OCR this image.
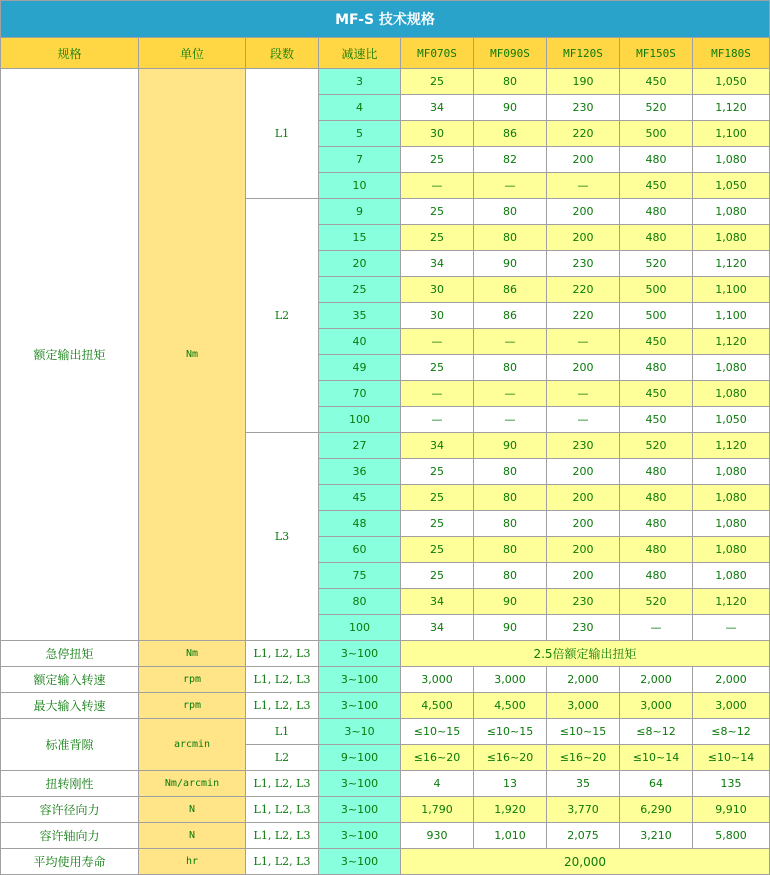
MF-S 技术规格								
规格	单位	段数	减速比	MF070S	MF090S	MF120S	MF150S	MF180S
额定输出扭矩	Nm	L1	3	25	80	190	450	1,050
			4	34	90	230	520	1,120
			5	30	86	220	500	1,100
			7	25	82	200	480	1,080
			10	—	—	—	450	1,050
		L2	9	25	80	200	480	1,080
			15	25	80	200	480	1,080
			20	34	90	230	520	1,120
			25	30	86	220	500	1,100
			35	30	86	220	500	1,100
			40	—	—	—	450	1,120
			49	25	80	200	480	1,080
			70	—	—	—	450	1,080
			100	—	—	—	450	1,050
		L3	27	34	90	230	520	1,120
			36	25	80	200	480	1,080
			45	25	80	200	480	1,080
			48	25	80	200	480	1,080
			60	25	80	200	480	1,080
			75	25	80	200	480	1,080
			80	34	90	230	520	1,120
			100	34	90	230	—	—
急停扭矩	Nm	L1, L2, L3	3~100	2.5倍额定输出扭矩				
额定输入转速	rpm	L1, L2, L3	3~100	3,000	3,000	2,000	2,000	2,000
最大输入转速	rpm	L1, L2, L3	3~100	4,500	4,500	3,000	3,000	3,000
标准背隙	arcmin	L1	3~10	≤10~15	≤10~15	≤10~15	≤8~12	≤8~12
		L2	9~100	≤16~20	≤16~20	≤16~20	≤10~14	≤10~14
扭转刚性	Nm/arcmin	L1, L2, L3	3~100	4	13	35	64	135
容许径向力	N	L1, L2, L3	3~100	1,790	1,920	3,770	6,290	9,910
容许轴向力	N	L1, L2, L3	3~100	930	1,010	2,075	3,210	5,800
平均使用寿命	hr	L1, L2, L3	3~100	20,000				
